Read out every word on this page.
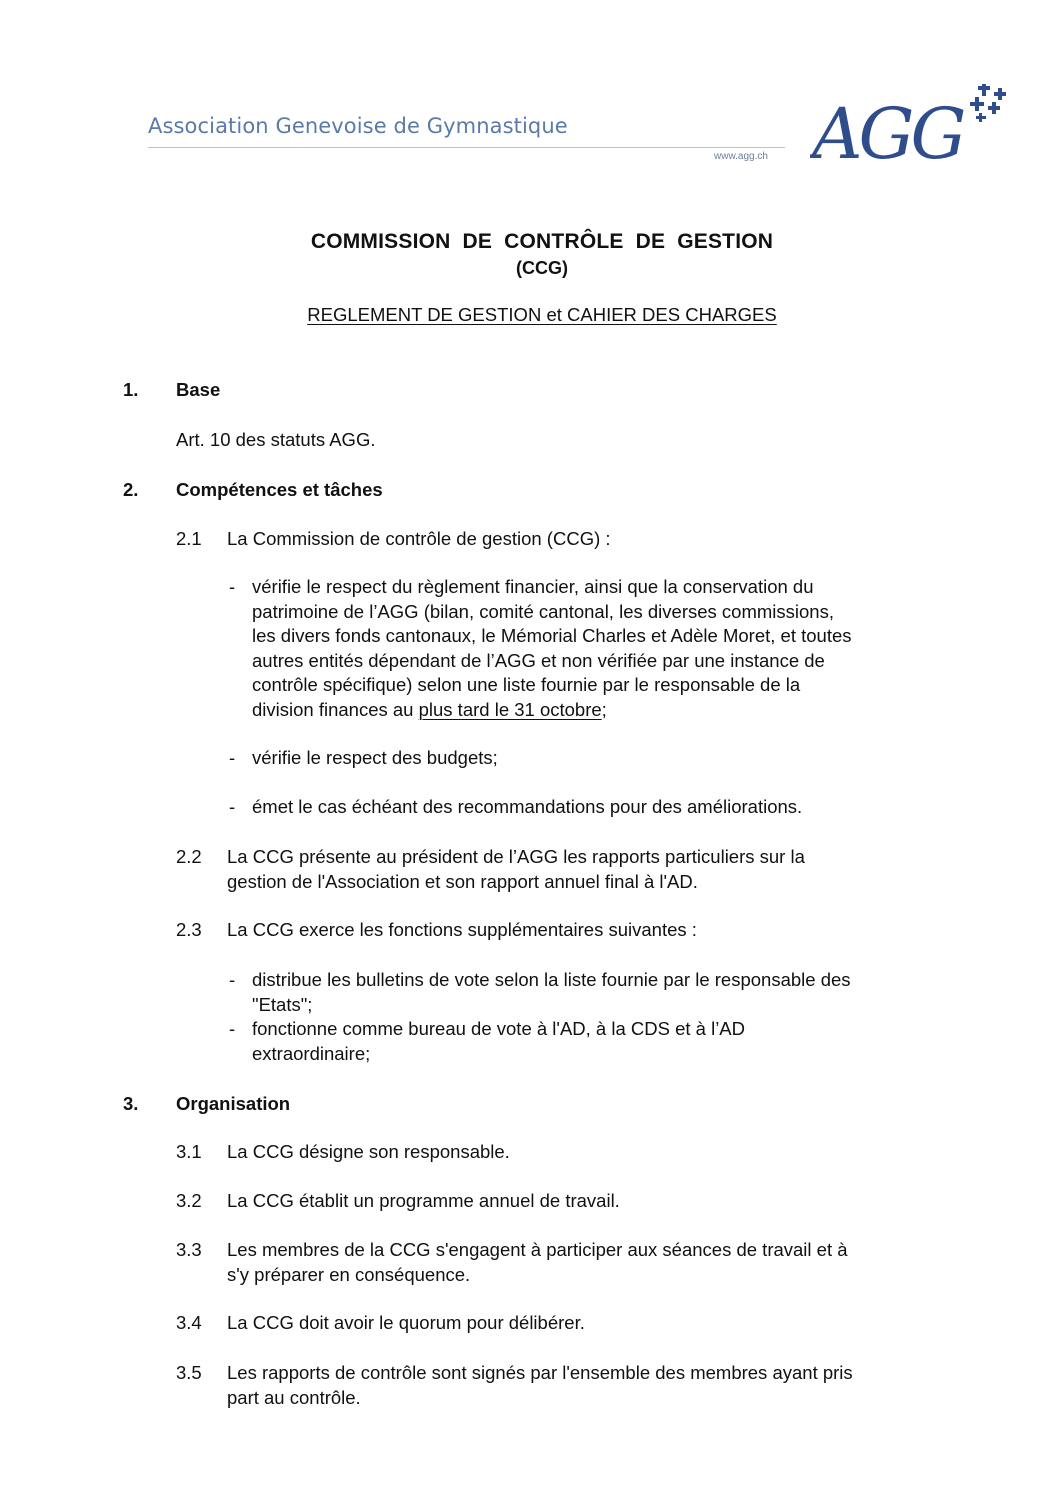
Association Genevoise de Gymnastique
www.agg.ch AGG
COMMISSION DE CONTRÔLE DE GESTION
(CCG)
REGLEMENT DE GESTION et CAHIER DES CHARGES
1. Base
Art. 10 des statuts AGG.
2. Compétences et tâches
2.1 La Commission de contrôle de gestion (CCG) :
- vérifie le respect du règlement financier, ainsi que la conservation du
patrimoine de l’AGG (bilan, comité cantonal, les diverses commissions,
les divers fonds cantonaux, le Mémorial Charles et Adèle Moret, et toutes
autres entités dépendant de l’AGG et non vérifiée par une instance de
contrôle spécifique) selon une liste fournie par le responsable de la
division finances au plus tard le 31 octobre;
- vérifie le respect des budgets;
- émet le cas échéant des recommandations pour des améliorations.
2.2 La CCG présente au président de l’AGG les rapports particuliers sur la
gestion de l'Association et son rapport annuel final à l'AD.
2.3 La CCG exerce les fonctions supplémentaires suivantes :
- distribue les bulletins de vote selon la liste fournie par le responsable des
"Etats";
- fonctionne comme bureau de vote à l'AD, à la CDS et à l’AD
extraordinaire;
3. Organisation
3.1 La CCG désigne son responsable.
3.2 La CCG établit un programme annuel de travail.
3.3 Les membres de la CCG s'engagent à participer aux séances de travail et à
s'y préparer en conséquence.
3.4 La CCG doit avoir le quorum pour délibérer.
3.5 Les rapports de contrôle sont signés par l'ensemble des membres ayant pris
part au contrôle.
